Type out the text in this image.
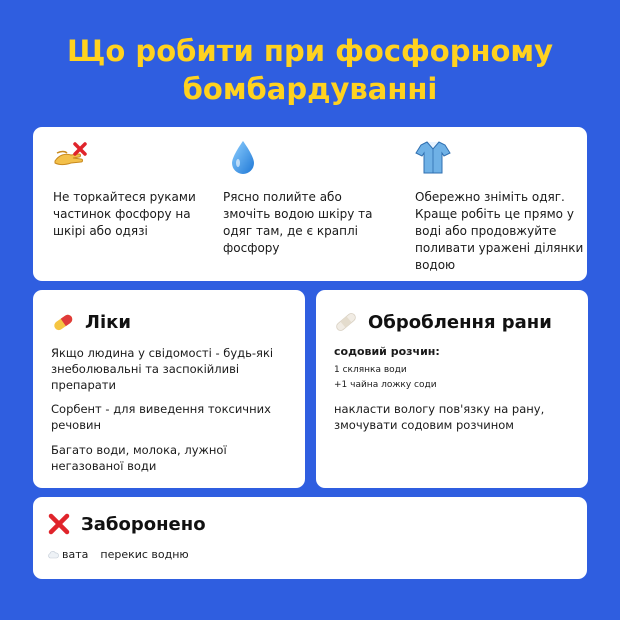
Що робити при фосфорному
бомбардуванні
Не торкайтеся руками частинок фосфору на шкірі або одязі
Рясно полийте або змочіть водою шкіру та одяг там, де є краплі фосфору
Обережно зніміть одяг. Краще робіть це прямо у воді або продовжуйте поливати уражені ділянки водою
Ліки
Якщо людина у свідомості - будь-які знеболювальні та заспокійливі препарати
Сорбент - для виведення токсичних речовин
Багато води, молока, лужної негазованої води
Оброблення рани
содовий розчин:
1 склянка води
+1 чайна ложку соди
накласти вологу пов'язку на рану, змочувати содовим розчином
Заборонено
вата перекис водню
